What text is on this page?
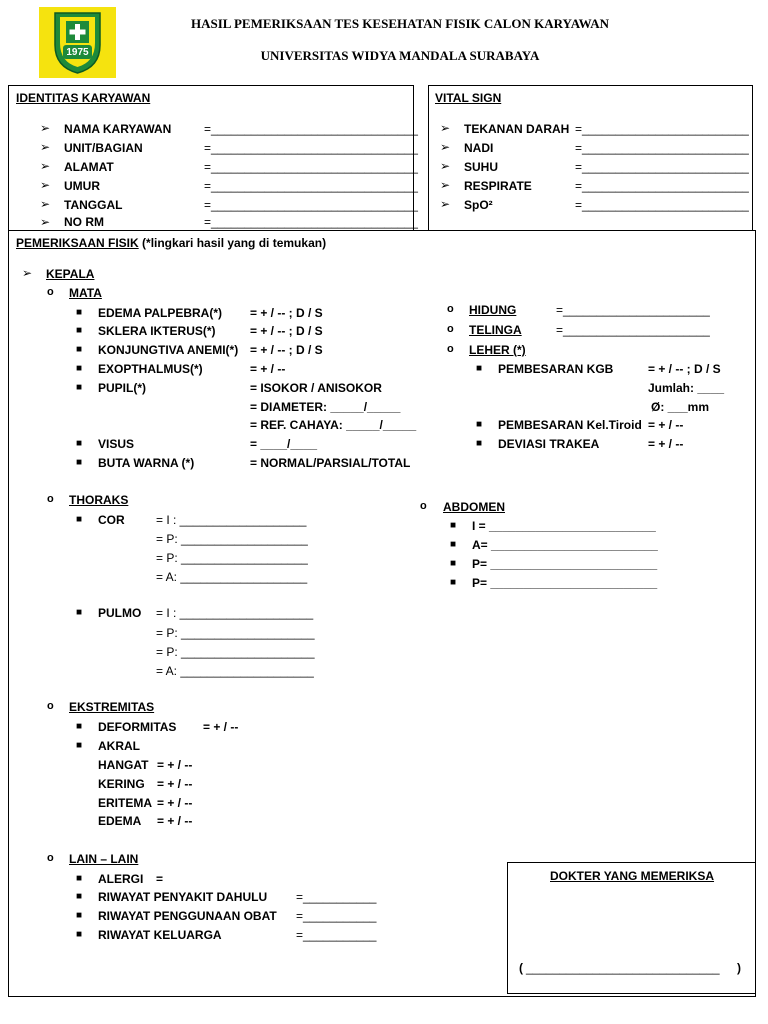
1975
HASIL PEMERIKSAAN TES KESEHATAN FISIK CALON KARYAWAN
UNIVERSITAS WIDYA MANDALA SURABAYA
IDENTITAS KARYAWAN
➢ NAMA KARYAWAN	=_______________________________
➢ UNIT/BAGIAN	=_______________________________
➢ ALAMAT	=_______________________________
➢ UMUR	=_______________________________
➢ TANGGAL	=_______________________________
➢ NO RM	=_______________________________
VITAL SIGN
➢ TEKANAN DARAH =_________________________
➢ NADI	=_________________________
➢ SUHU	=_________________________
➢ RESPIRATE	=_________________________
➢ SpO²	=_________________________
PEMERIKSAAN FISIK (*lingkari hasil yang di temukan)
➢ KEPALA
o MATA
■ EDEMA PALPEBRA(*) = + / -- ; D / S
■ SKLERA IKTERUS(*)	= + / -- ; D / S
■ KONJUNGTIVA ANEMI(*) = + / -- ; D / S
■ EXOPTHALMUS(*)	= + / --
■ PUPIL(*)	= ISOKOR / ANISOKOR
= DIAMETER: _____/_____
= REF. CAHAYA: _____/_____
■ VISUS	= ____/____
■ BUTA WARNA (*)	= NORMAL/PARSIAL/TOTAL
o HIDUNG	=______________________
o TELINGA	=______________________
o LEHER (*)
■ PEMBESARAN KGB	= + / -- ; D / S
Jumlah: ____
Ø: ___mm
■ PEMBESARAN Kel.Tiroid = + / --
■ DEVIASI TRAKEA	= + / --
o THORAKS
■ COR	= I : ___________________
= P: ___________________
= P: ___________________
= A: ___________________
■ PULMO = I : ____________________
= P: ____________________
= P: ____________________
= A: ____________________
o ABDOMEN
■ I = _________________________
■ A= _________________________
■ P= _________________________
■ P= _________________________
o EKSTREMITAS
■ DEFORMITAS = + / --
■ AKRAL
HANGAT = + / --
KERING = + / --
ERITEMA = + / --
EDEMA = + / --
o LAIN – LAIN
■ ALERGI =
■ RIWAYAT PENYAKIT DAHULU =___________
■ RIWAYAT PENGGUNAAN OBAT =___________
■ RIWAYAT KELUARGA	=___________
DOKTER YANG MEMERIKSA
( _____________________________ )
